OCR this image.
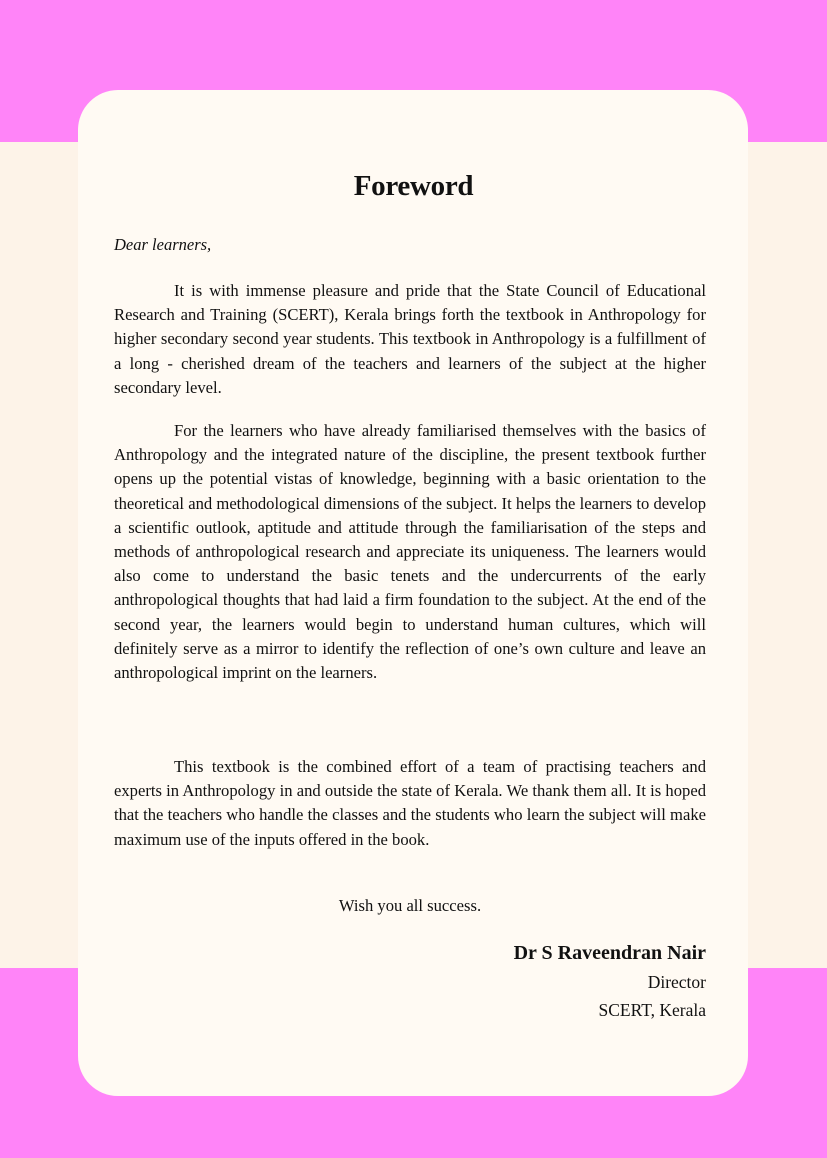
Foreword
Dear learners,

It is with immense pleasure and pride that the State Council of Educational Research and Training (SCERT), Kerala brings forth the textbook in Anthropology for higher secondary second year students. This textbook in Anthropology is a fulfillment of a long - cherished dream of the teachers and learners of the subject at the higher secondary level.

For the learners who have already familiarised themselves with the basics of Anthropology and the integrated nature of the discipline, the present textbook further opens up the potential vistas of knowledge, beginning with a basic orientation to the theoretical and methodological dimensions of the subject. It helps the learners to develop a scientific outlook, aptitude and attitude through the familiarisation of the steps and methods of anthropological research and appreciate its uniqueness. The learners would also come to understand the basic tenets and the undercurrents of the early anthropological thoughts that had laid a firm foundation to the subject. At the end of the second year, the learners would begin to understand human cultures, which will definitely serve as a mirror to identify the reflection of one’s own culture and leave an anthropological imprint on the learners.

This textbook is the combined effort of a team of practising teachers and experts in Anthropology in and outside the state of Kerala. We thank them all. It is hoped that the teachers who handle the classes and the students who learn the subject will make maximum use of the inputs offered in the book.

Wish you all success.
Dr S Raveendran Nair
Director
SCERT, Kerala
